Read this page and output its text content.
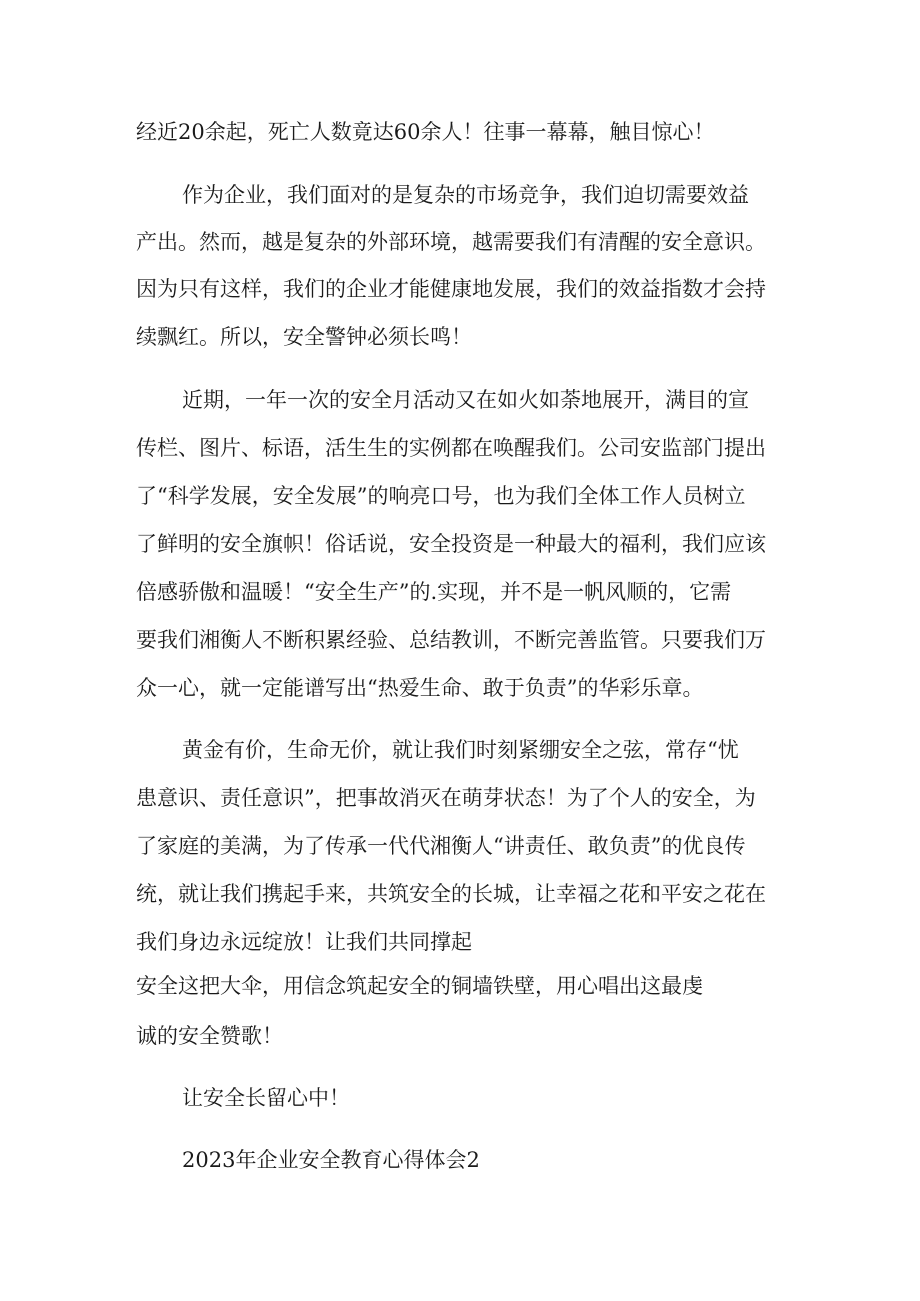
经近20余起，死亡人数竟达60余人！往事一幕幕，触目惊心！
作为企业，我们面对的是复杂的市场竞争，我们迫切需要效益
产出。然而，越是复杂的外部环境，越需要我们有清醒的安全意识。
因为只有这样，我们的企业才能健康地发展，我们的效益指数才会持
续飘红。所以，安全警钟必须长鸣！
近期，一年一次的安全月活动又在如火如荼地展开，满目的宣
传栏、图片、标语，活生生的实例都在唤醒我们。公司安监部门提出
了“科学发展，安全发展”的响亮口号，也为我们全体工作人员树立
了鲜明的安全旗帜！俗话说，安全投资是一种最大的福利，我们应该
倍感骄傲和温暖！“安全生产”的.实现，并不是一帆风顺的，它需
要我们湘衡人不断积累经验、总结教训，不断完善监管。只要我们万
众一心，就一定能谱写出“热爱生命、敢于负责”的华彩乐章。
黄金有价，生命无价，就让我们时刻紧绷安全之弦，常存“忧
患意识、责任意识”，把事故消灭在萌芽状态！为了个人的安全，为
了家庭的美满，为了传承一代代湘衡人“讲责任、敢负责”的优良传
统，就让我们携起手来，共筑安全的长城，让幸福之花和平安之花在
我们身边永远绽放！让我们共同撑起
安全这把大伞，用信念筑起安全的铜墙铁壁，用心唱出这最虔
诚的安全赞歌！
让安全长留心中！
2023年企业安全教育心得体会2
